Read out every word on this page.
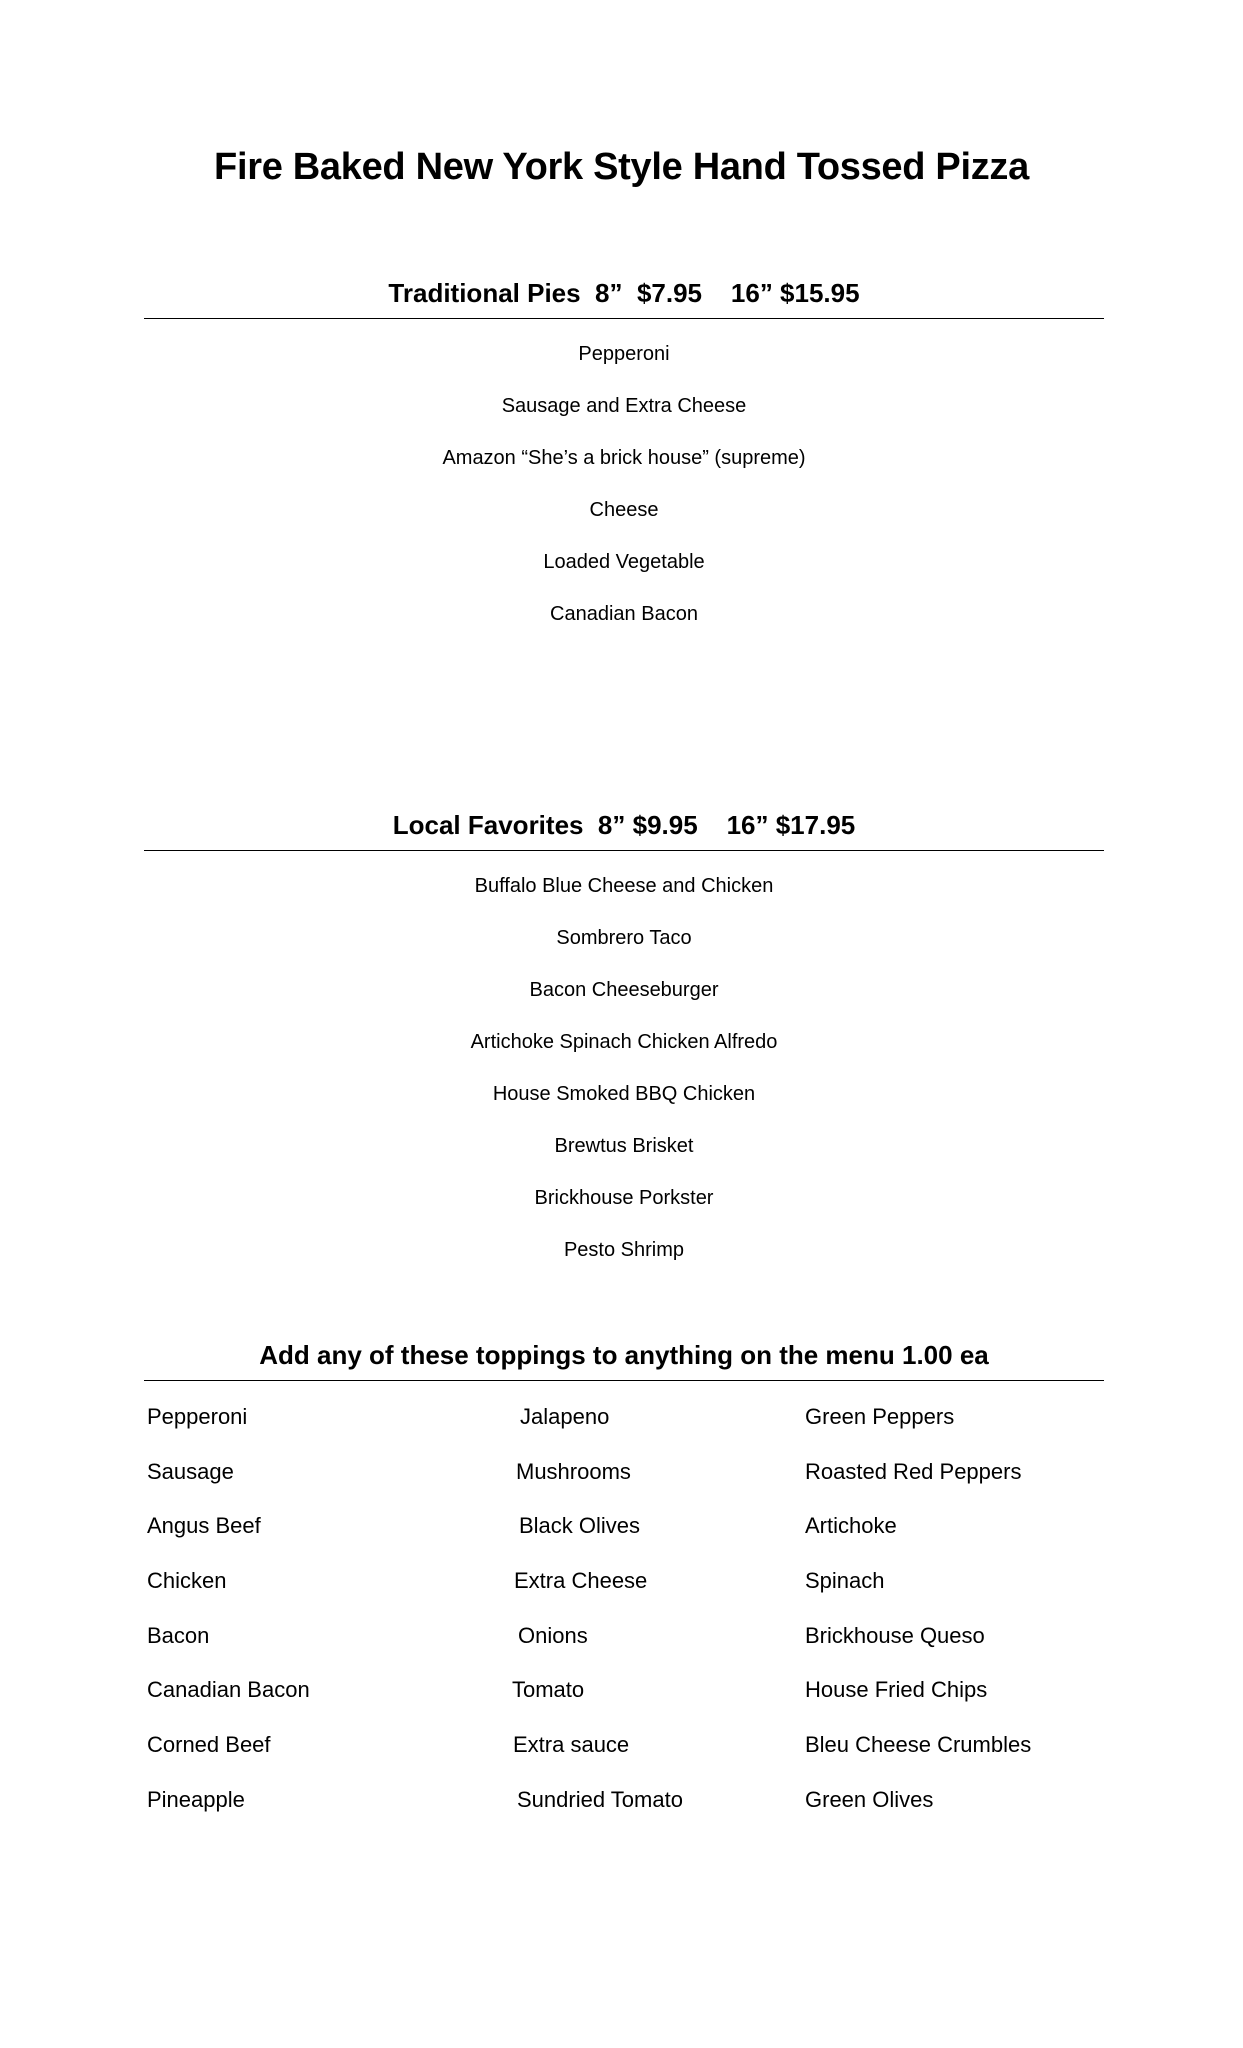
Fire Baked New York Style Hand Tossed Pizza
Traditional Pies  8”  $7.95    16” $15.95
Pepperoni
Sausage and Extra Cheese
Amazon “She’s a brick house” (supreme)
Cheese
Loaded Vegetable
Canadian Bacon
Local Favorites  8” $9.95    16” $17.95
Buffalo Blue Cheese and Chicken
Sombrero Taco
Bacon Cheeseburger
Artichoke Spinach Chicken Alfredo
House Smoked BBQ Chicken
Brewtus Brisket
Brickhouse Porkster
Pesto Shrimp
Add any of these toppings to anything on the menu 1.00 ea
Pepperoni
Sausage
Angus Beef
Chicken
Bacon
Canadian Bacon
Corned Beef
Pineapple
Jalapeno
Mushrooms
Black Olives
Extra Cheese
Onions
Tomato
Extra sauce
Sundried Tomato
Green Peppers
Roasted Red Peppers
Artichoke
Spinach
Brickhouse Queso
House Fried Chips
Bleu Cheese Crumbles
Green Olives
